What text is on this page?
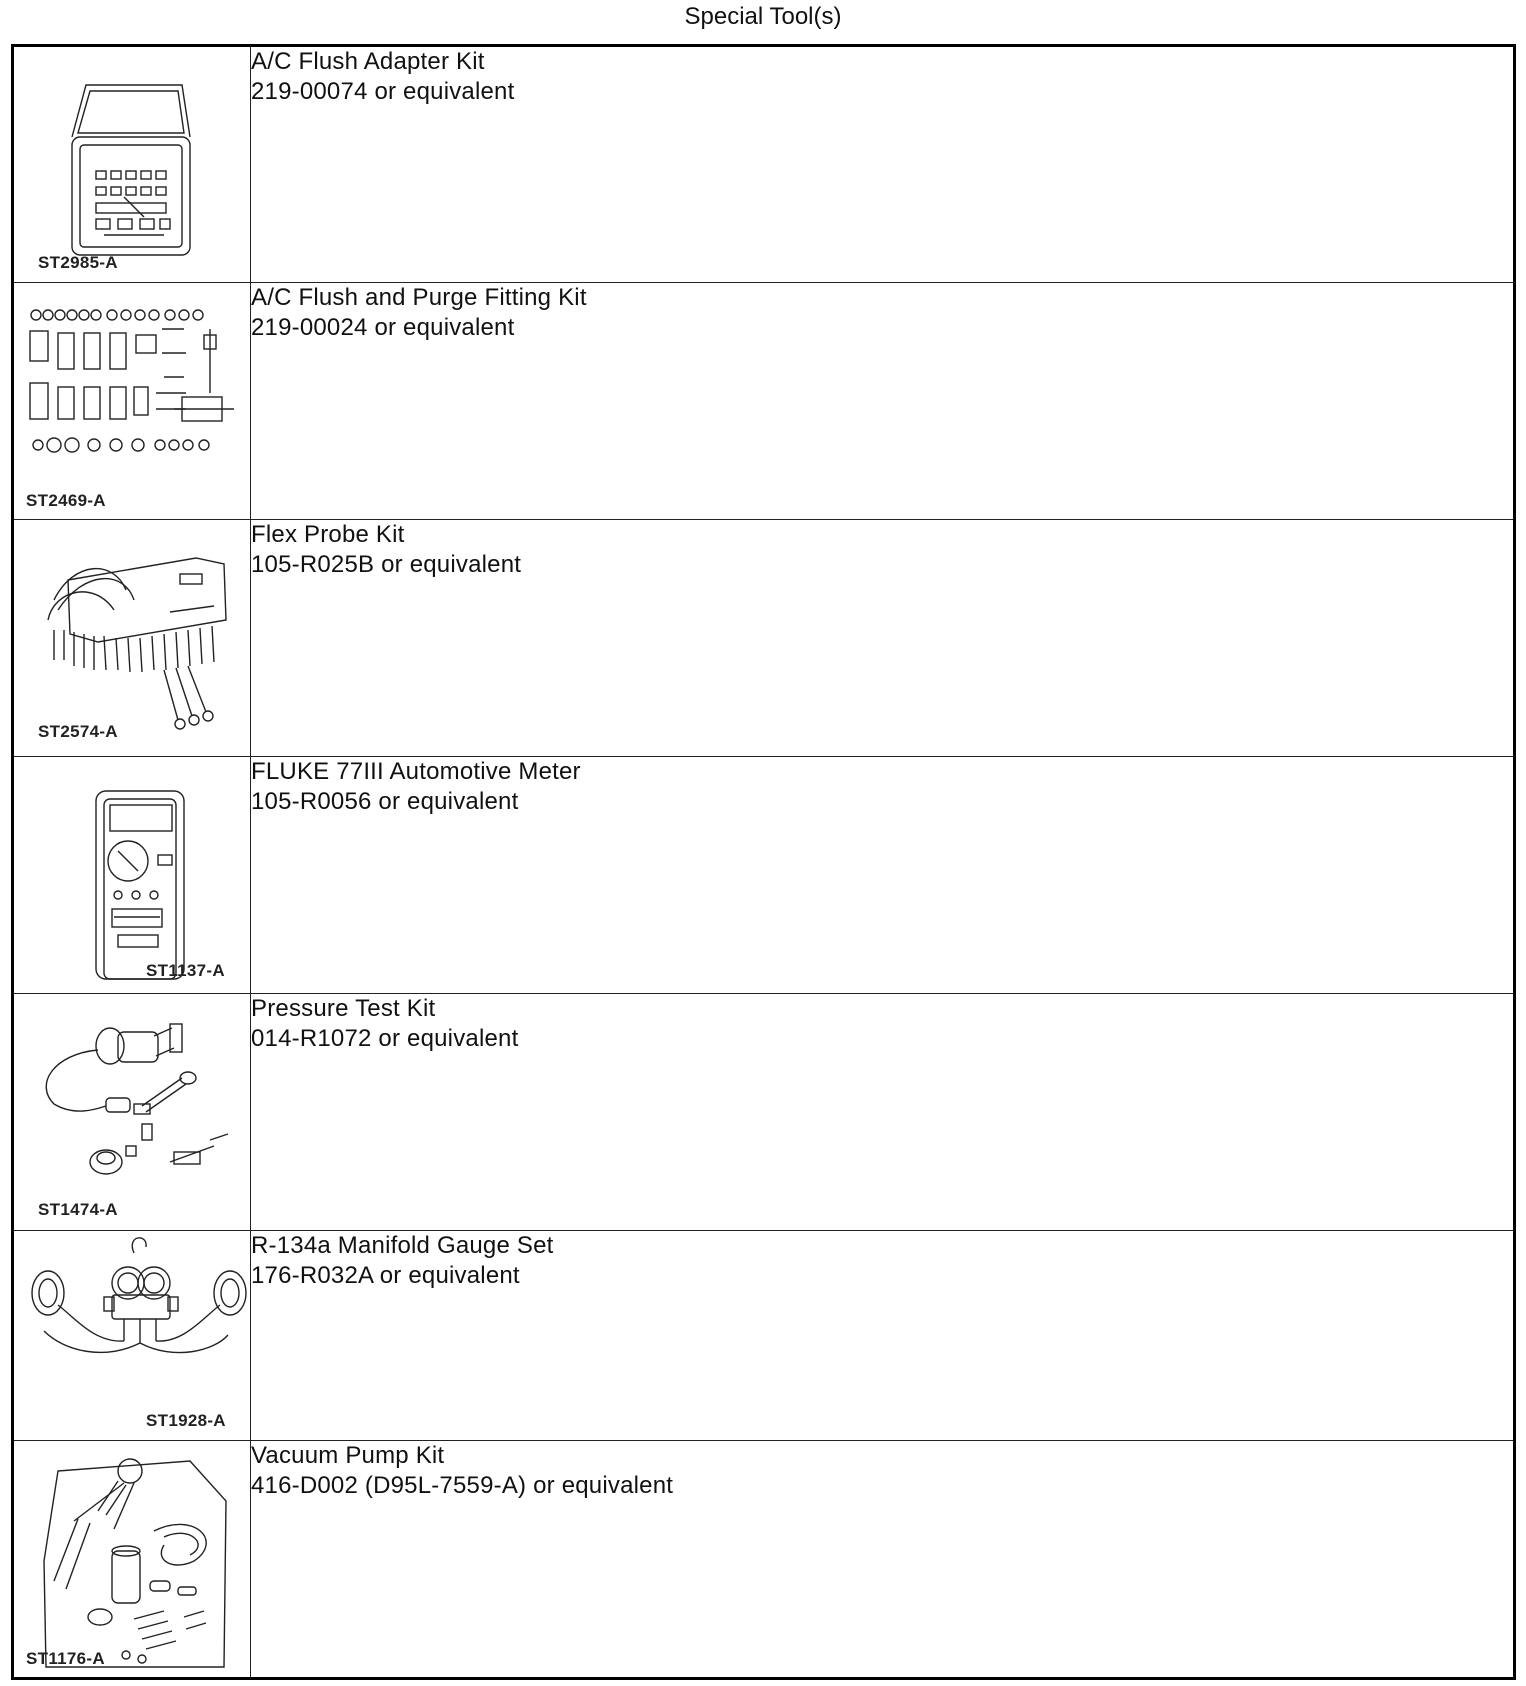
Special Tool(s)
ST2985-A	A/C Flush Adapter Kit
219-00074 or equivalent

ST2469-A	A/C Flush and Purge Fitting Kit
219-00024 or equivalent

ST2574-A	Flex Probe Kit
105-R025B or equivalent

ST1137-A	FLUKE 77III Automotive Meter
105-R0056 or equivalent

ST1474-A	Pressure Test Kit
014-R1072 or equivalent

ST1928-A	R-134a Manifold Gauge Set
176-R032A or equivalent

ST1176-A	Vacuum Pump Kit
416-D002 (D95L-7559-A) or equivalent
